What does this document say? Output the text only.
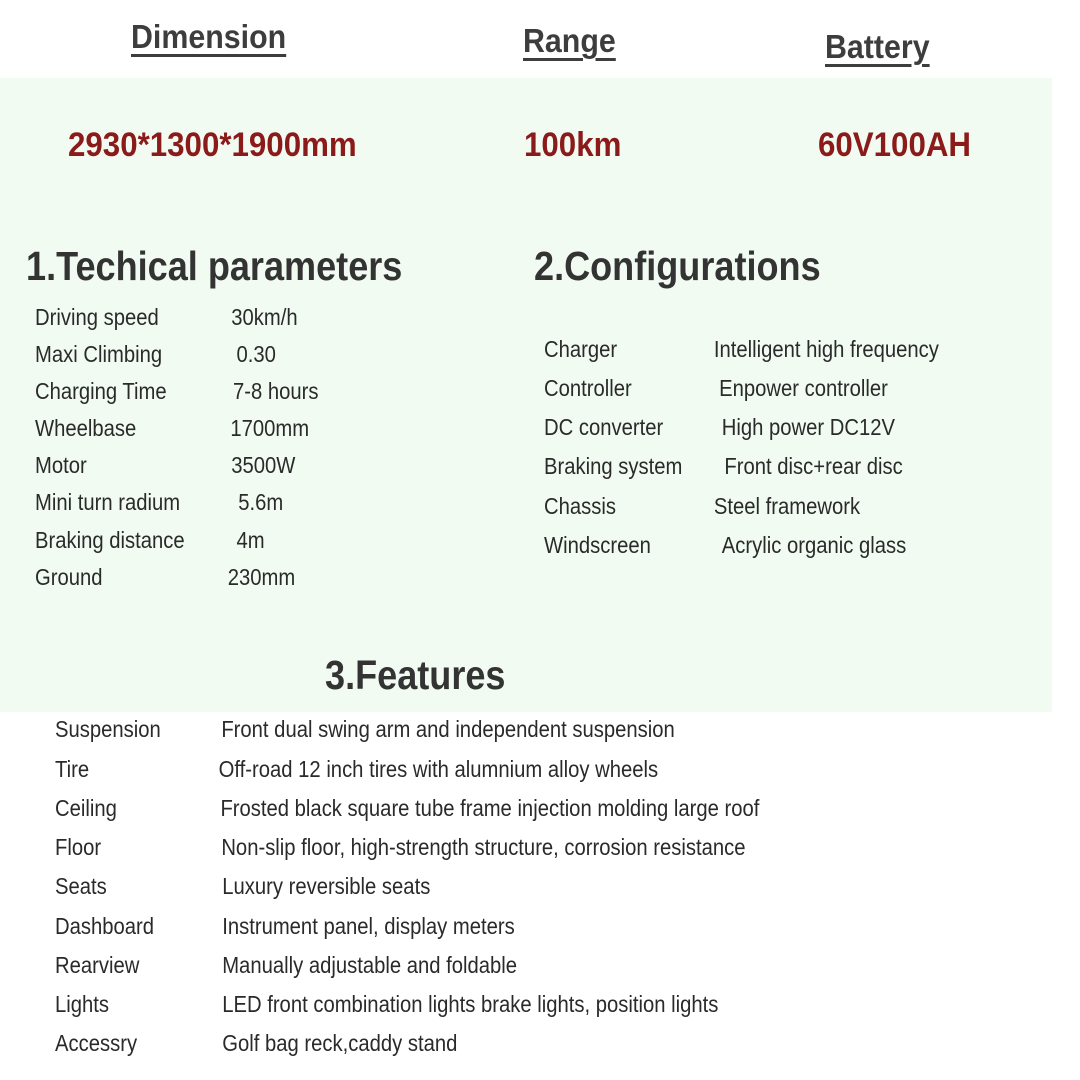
Dimension	Range	Battery
2930*1300*1900mm	100km	60V100AH
1.Techical parameters	2.Configurations
3.Features
Driving speed	30km/h
Maxi Climbing	0.30
Charging Time	7-8 hours
Wheelbase	1700mm
Motor	3500W
Mini turn radium	5.6m
Braking distance 4m
Ground	230mm
Charger	Intelligent high frequency
Controller	Enpower controller
DC converter	High power DC12V
Braking system Front disc+rear disc
Chassis	Steel framework
Windscreen	Acrylic organic glass
Suspension	Front dual swing arm and independent suspension
Tire	Off-road 12 inch tires with alumnium alloy wheels
Ceiling	Frosted black square tube frame injection molding large roof
Floor	Non-slip floor, high-strength structure, corrosion resistance
Seats	Luxury reversible seats
Dashboard	Instrument panel, display meters
Rearview	Manually adjustable and foldable
Lights	LED front combination lights brake lights, position lights
Accessry	Golf bag reck,caddy stand
